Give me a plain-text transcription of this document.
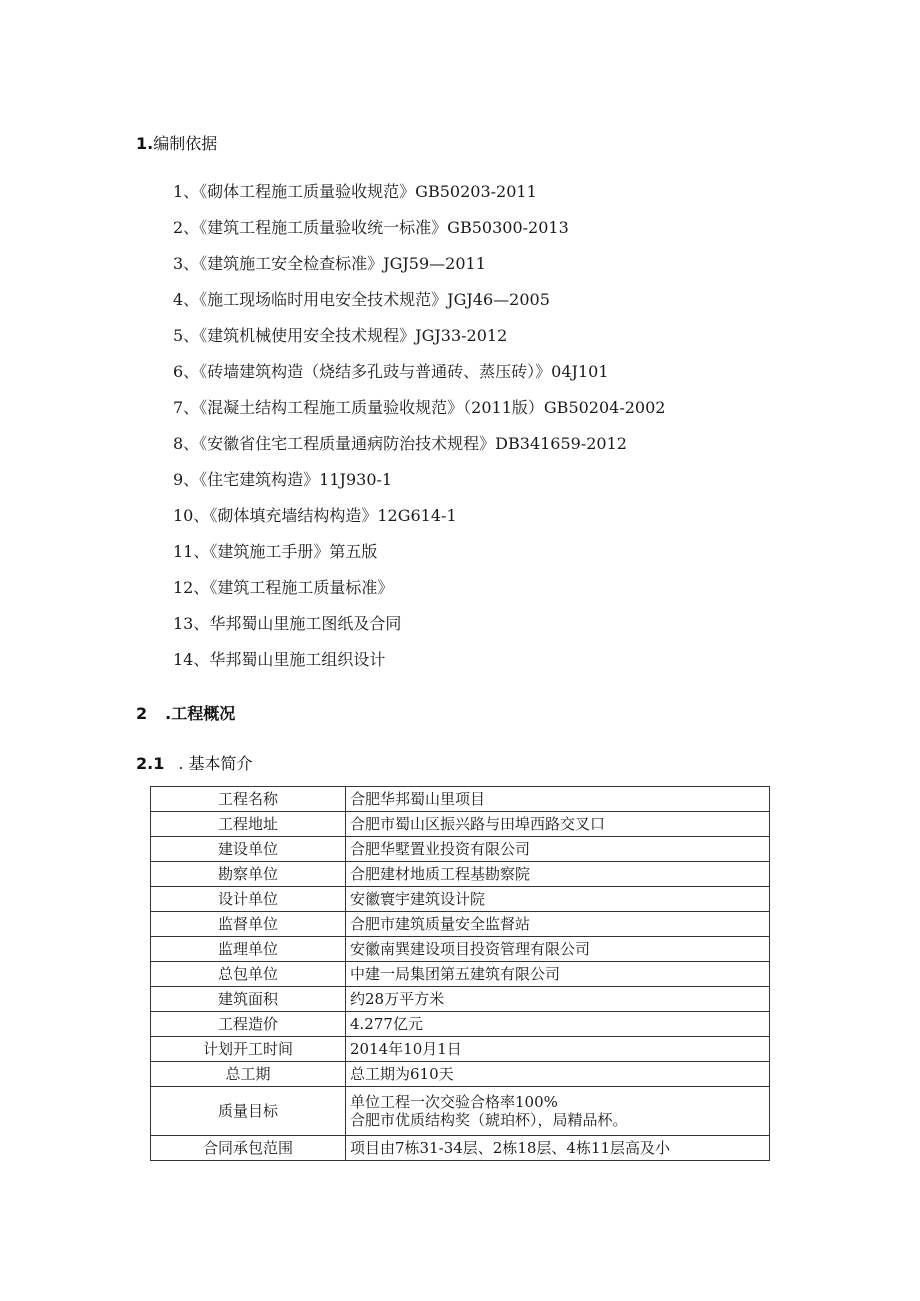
1.编制依据
1、《砌体工程施工质量验收规范》GB50203-2011
2、《建筑工程施工质量验收统一标准》GB50300-2013
3、《建筑施工安全检查标准》JGJ59—2011
4、《施工现场临时用电安全技术规范》JGJ46—2005
5、《建筑机械使用安全技术规程》JGJ33-2012
6、《砖墙建筑构造（烧结多孔豉与普通砖、蒸压砖）》04J101
7、《混凝土结构工程施工质量验收规范》（2011版）GB50204-2002
8、《安徽省住宅工程质量通病防治技术规程》DB341659-2012
9、《住宅建筑构造》11J930-1
10、《砌体填充墙结构构造》12G614-1
11、《建筑施工手册》第五版
12、《建筑工程施工质量标准》
13、华邦蜀山里施工图纸及合同
14、华邦蜀山里施工组织设计
2 .工程概况
2.1 . 基本简介
工程名称	合肥华邦蜀山里项目

工程地址	合肥市蜀山区振兴路与田埠西路交叉口

建设单位	合肥华墅置业投资有限公司

勘察单位	合肥建材地质工程基勘察院

设计单位	安徽寰宇建筑设计院

监督单位	合肥市建筑质量安全监督站

监理单位	安徽南巽建设项目投资管理有限公司

总包单位	中建一局集团第五建筑有限公司

建筑面积	约28万平方米

工程造价	4.277亿元

计划开工时间	2014年10月1日

总工期	总工期为610天

质量目标	单位工程一次交验合格率100%
合肥市优质结构奖（琥珀杯），局精品杯。

合同承包范围	项目由7栋31-34层、2栋18层、4栋11层高及小
